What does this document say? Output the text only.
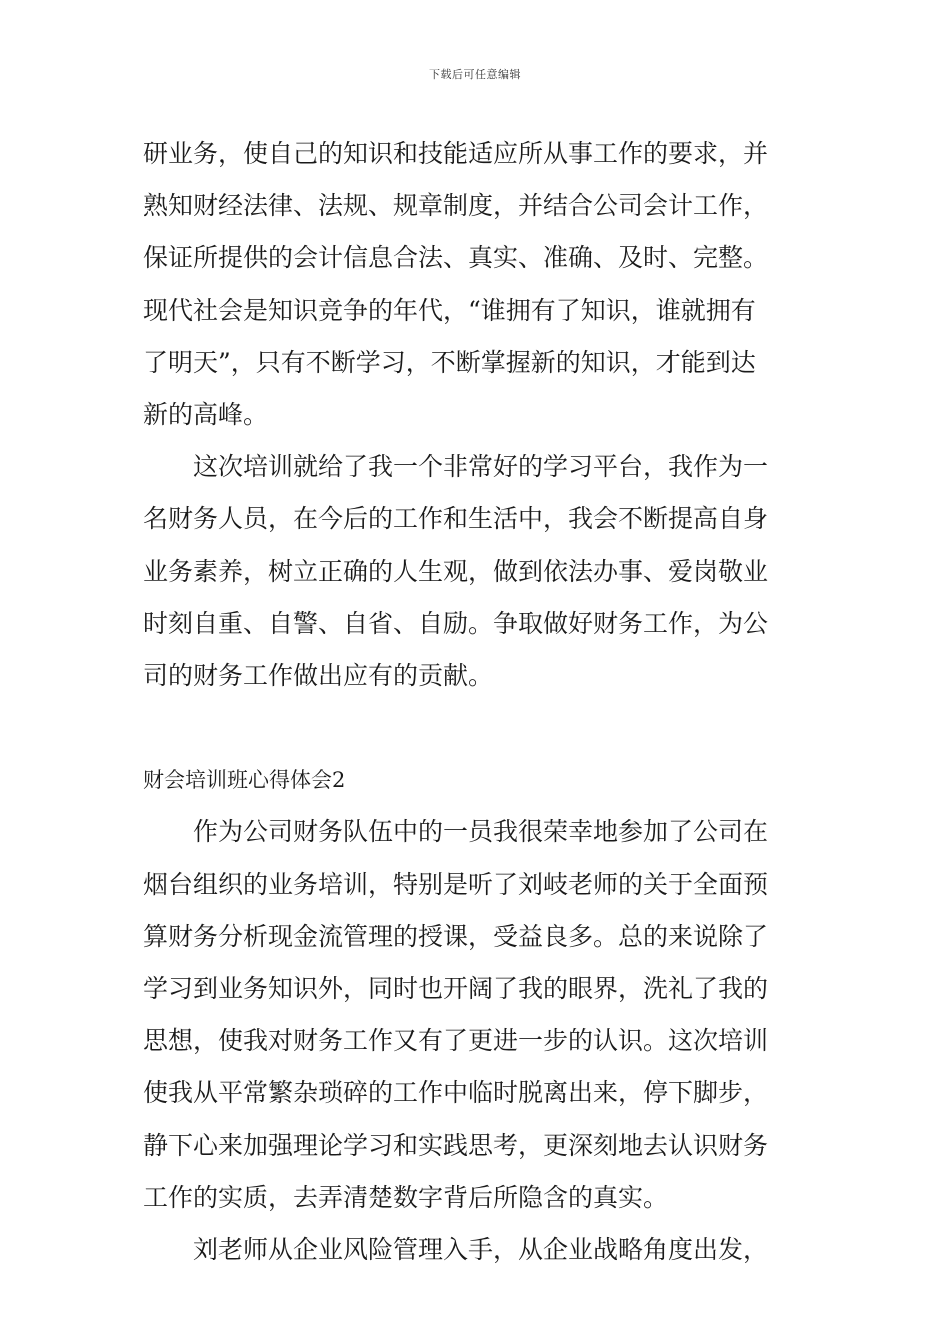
下载后可任意编辑
研业务，使自己的知识和技能适应所从事工作的要求，并
熟知财经法律、法规、规章制度，并结合公司会计工作，
保证所提供的会计信息合法、真实、准确、及时、完整。
现代社会是知识竞争的年代，“谁拥有了知识，谁就拥有
了明天”，只有不断学习，不断掌握新的知识，才能到达
新的高峰。
　　这次培训就给了我一个非常好的学习平台，我作为一
名财务人员，在今后的工作和生活中，我会不断提高自身
业务素养，树立正确的人生观，做到依法办事、爱岗敬业
时刻自重、自警、自省、自励。争取做好财务工作，为公
司的财务工作做出应有的贡献。
财会培训班心得体会2
　　作为公司财务队伍中的一员我很荣幸地参加了公司在
烟台组织的业务培训，特别是听了刘岐老师的关于全面预
算财务分析现金流管理的授课，受益良多。总的来说除了
学习到业务知识外，同时也开阔了我的眼界，洗礼了我的
思想，使我对财务工作又有了更进一步的认识。这次培训
使我从平常繁杂琐碎的工作中临时脱离出来，停下脚步，
静下心来加强理论学习和实践思考，更深刻地去认识财务
工作的实质，去弄清楚数字背后所隐含的真实。
　　刘老师从企业风险管理入手，从企业战略角度出发，
